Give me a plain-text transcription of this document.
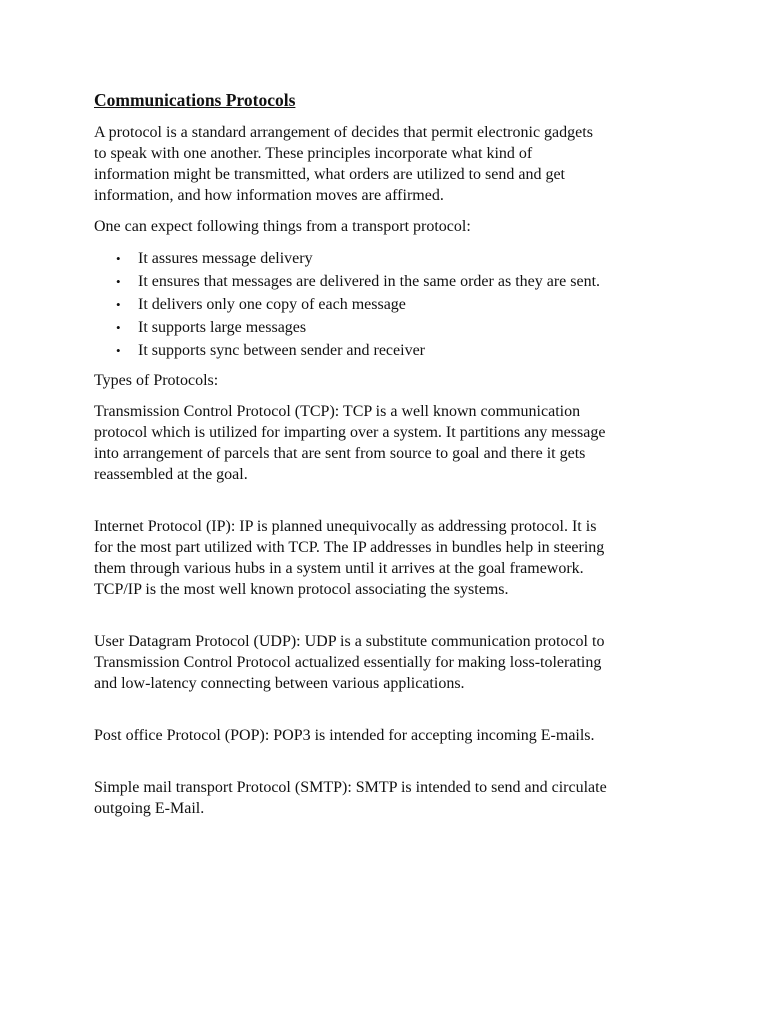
Communications Protocols

A protocol is a standard arrangement of decides that permit electronic gadgets
to speak with one another. These principles incorporate what kind of
information might be transmitted, what orders are utilized to send and get
information, and how information moves are affirmed.

One can expect following things from a transport protocol:

• It assures message delivery
• It ensures that messages are delivered in the same order as they are sent.
• It delivers only one copy of each message
• It supports large messages
• It supports sync between sender and receiver

Types of Protocols:

Transmission Control Protocol (TCP): TCP is a well known communication
protocol which is utilized for imparting over a system. It partitions any message
into arrangement of parcels that are sent from source to goal and there it gets
reassembled at the goal.

Internet Protocol (IP): IP is planned unequivocally as addressing protocol. It is
for the most part utilized with TCP. The IP addresses in bundles help in steering
them through various hubs in a system until it arrives at the goal framework.
TCP/IP is the most well known protocol associating the systems.

User Datagram Protocol (UDP): UDP is a substitute communication protocol to
Transmission Control Protocol actualized essentially for making loss-tolerating
and low-latency connecting between various applications.

Post office Protocol (POP): POP3 is intended for accepting incoming E-mails.

Simple mail transport Protocol (SMTP): SMTP is intended to send and circulate
outgoing E-Mail.
